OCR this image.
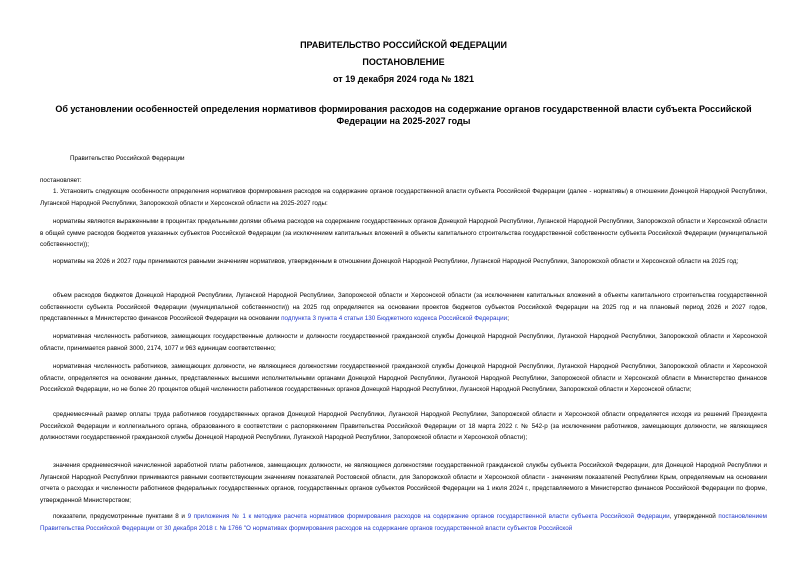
ПРАВИТЕЛЬСТВО РОССИЙСКОЙ ФЕДЕРАЦИИ
ПОСТАНОВЛЕНИЕ
от 19 декабря 2024 года № 1821
Об установлении особенностей определения нормативов формирования расходов на содержание органов государственной власти субъекта Российской Федерации на 2025-2027 годы
Правительство Российской Федерации
постановляет:
1. Установить следующие особенности определения нормативов формирования расходов на содержание органов государственной власти субъекта Российской Федерации (далее - нормативы) в отношении Донецкой Народной Республики, Луганской Народной Республики, Запорожской области и Херсонской области на 2025-2027 годы:
нормативы являются выраженными в процентах предельными долями объема расходов на содержание государственных органов Донецкой Народной Республики, Луганской Народной Республики, Запорожской области и Херсонской области в общей сумме расходов бюджетов указанных субъектов Российской Федерации (за исключением капитальных вложений в объекты капитального строительства государственной собственности субъекта Российской Федерации (муниципальной собственности));
нормативы на 2026 и 2027 годы принимаются равными значениям нормативов, утвержденным в отношении Донецкой Народной Республики, Луганской Народной Республики, Запорожской области и Херсонской области на 2025 год;
объем расходов бюджетов Донецкой Народной Республики, Луганской Народной Республики, Запорожской области и Херсонской области (за исключением капитальных вложений в объекты капитального строительства государственной собственности субъекта Российской Федерации (муниципальной собственности)) на 2025 год определяется на основании проектов бюджетов субъектов Российской Федерации на 2025 год и на плановый период 2026 и 2027 годов, представленных в Министерство финансов Российской Федерации на основании подпункта 3 пункта 4 статьи 130 Бюджетного кодекса Российской Федерации;
нормативная численность работников, замещающих государственные должности и должности государственной гражданской службы Донецкой Народной Республики, Луганской Народной Республики, Запорожской области и Херсонской области, принимается равной 3000, 2174, 1077 и 963 единицам соответственно;
нормативная численность работников, замещающих должности, не являющиеся должностями государственной гражданской службы Донецкой Народной Республики, Луганской Народной Республики, Запорожской области и Херсонской области, определяется на основании данных, представленных высшими исполнительными органами Донецкой Народной Республики, Луганской Народной Республики, Запорожской области и Херсонской области в Министерство финансов Российской Федерации, но не более 20 процентов общей численности работников государственных органов Донецкой Народной Республики, Луганской Народной Республики, Запорожской области и Херсонской области;
среднемесячный размер оплаты труда работников государственных органов Донецкой Народной Республики, Луганской Народной Республики, Запорожской области и Херсонской области определяется исходя из решений Президента Российской Федерации и коллегиального органа, образованного в соответствии с распоряжением Правительства Российской Федерации от 18 марта 2022 г. № 542-р (за исключением работников, замещающих должности, не являющиеся должностями государственной гражданской службы Донецкой Народной Республики, Луганской Народной Республики, Запорожской области и Херсонской области);
значения среднемесячной начисленной заработной платы работников, замещающих должности, не являющиеся должностями государственной гражданской службы субъекта Российской Федерации, для Донецкой Народной Республики и Луганской Народной Республики принимаются равными соответствующим значениям показателей Ростовской области, для Запорожской области и Херсонской области - значениям показателей Республики Крым, определяемым на основании отчета о расходах и численности работников федеральных государственных органов, государственных органов субъектов Российской Федерации на 1 июля 2024 г., представляемого в Министерство финансов Российской Федерации по форме, утвержденной Министерством;
показатели, предусмотренные пунктами 8 и 9 приложения № 1 к методике расчета нормативов формирования расходов на содержание органов государственной власти субъекта Российской Федерации, утвержденной постановлением Правительства Российской Федерации от 30 декабря 2018 г. № 1766 "О нормативах формирования расходов на содержание органов государственной власти субъектов Российской
